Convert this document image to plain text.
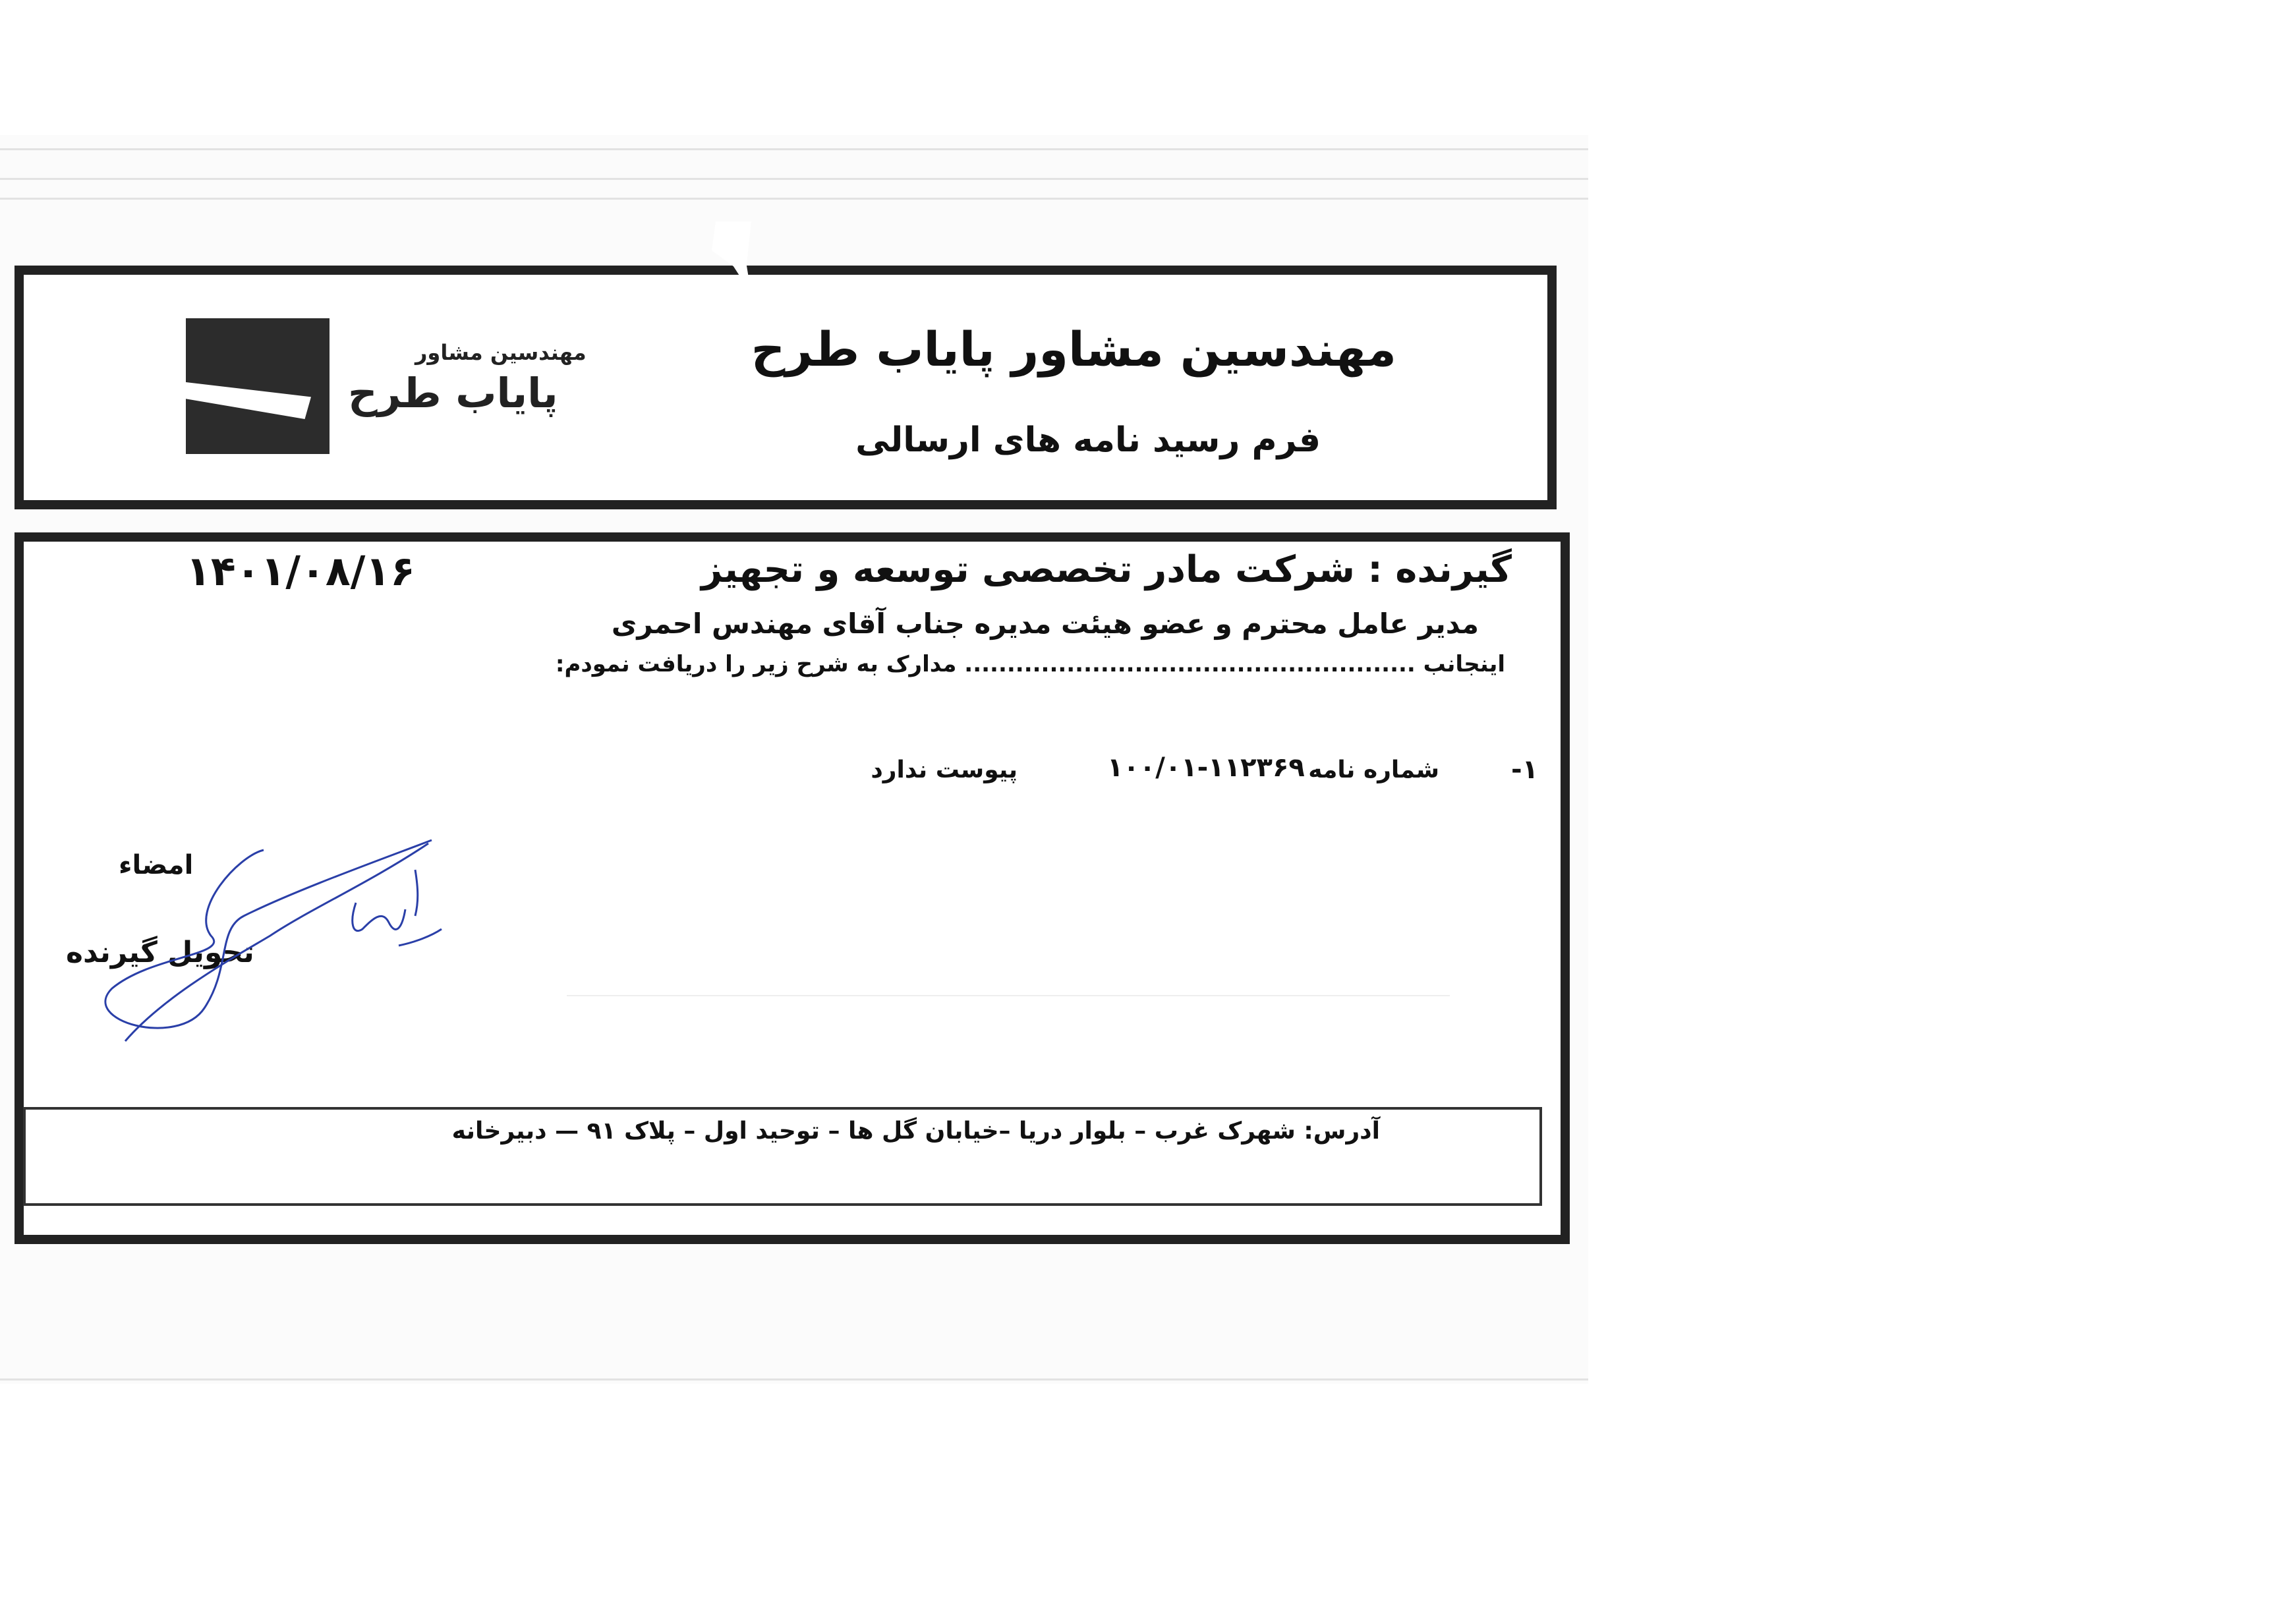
مهندسین مشاور
پایاب طرح
مهندسین مشاور پایاب طرح
فرم رسید نامه های ارسالی
گیرنده : شرکت مادر تخصصی توسعه و تجهیز
۱۴۰۱/۰۸/۱۶
مدیر عامل محترم و عضو هیئت مدیره جناب آقای مهندس احمری
اینجانب ..................................................... مدارک به شرح زیر را دریافت نمودم:
۱-
شماره نامه
۱۰۰/۰۱-۱۱۲۳۶۹
پیوست ندارد
امضاء
تحویل گیرنده
آدرس: شهرک غرب – بلوار دریا –خیابان گل ها – توحید اول – پلاک ۹۱ — دبیرخانه
